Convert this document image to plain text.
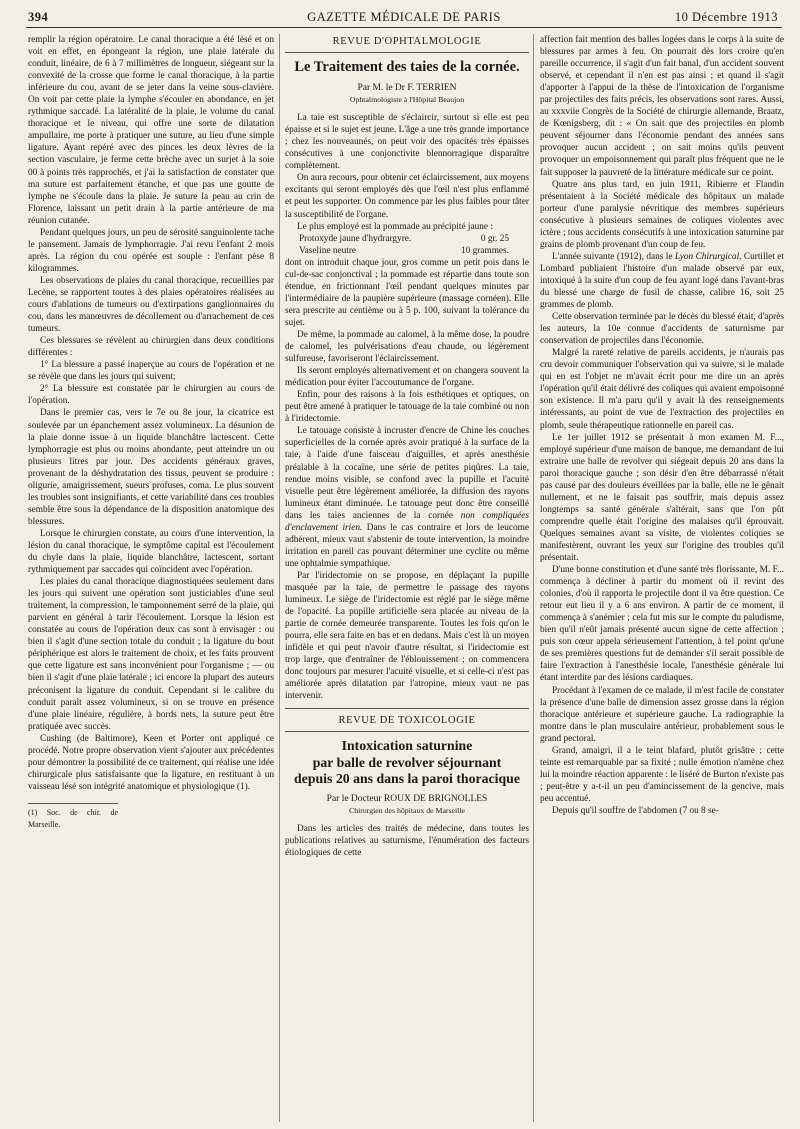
394	GAZETTE MÉDICALE DE PARIS	10 Décembre 1913

remplir la région opératoire. Le canal thoracique a été lésé et on voit en effet, en épongeant la région, une plaie latérale du conduit, linéaire, de 6 à 7 millimètres de longueur, siégeant sur la convexité de la crosse que forme le canal thoracique, à la partie inférieure du cou, avant de se jeter dans la veine sous-clavière. On voit par cette plaie la lymphe s'écouler en abondance, en jet rythmique saccadé. La latéralité de la plaie, le volume du canal thoracique et le niveau, qui offre une sorte de dilatation ampullaire, me porte à pratiquer une suture, au lieu d'une simple ligature. Ayant repéré avec des pinces les deux lèvres de la section vasculaire, je ferme cette brèche avec un surjet à la soie 00 à points très rapprochés, et j'ai la satisfaction de constater que ma suture est parfaitement étanche, et que pas une goutte de lymphe ne s'écoule dans la plaie. Je suture la peau au crin de Florence, laissant un petit drain à la partie antérieure de ma réunion cutanée.

Pendant quelques jours, un peu de sérosité sanguinolente tache le pansement. Jamais de lymphorragie. J'ai revu l'enfant 2 mois après. La région du cou opérée est souple : l'enfant pèse 8 kilogrammes.

Les observations de plaies du canal thoracique, recueillies par Lecène, se rapportent toutes à des plaies opératoires réalisées au cours d'ablations de tumeurs ou d'extirpations ganglionnaires du cou, dans les manœuvres de décollement ou d'arrachement de ces tumeurs.

Ces blessures se révèlent au chirurgien dans deux conditions différentes :

1° La blessure a passé inaperçue au cours de l'opération et ne se révèle que dans les jours qui suivent;

2° La blessure est constatée par le chirurgien au cours de l'opération.

Dans le premier cas, vers le 7e ou 8e jour, la cicatrice est soulevée par un épanchement assez volumineux. La désunion de la plaie donne issue à un liquide blanchâtre lactescent. Cette lymphorragie est plus ou moins abondante, peut atteindre un ou plusieurs litres par jour. Des accidents généraux graves, provenant de la déshydratation des tissus, peuvent se produire : oligurie, amaigrissement, sueurs profuses, coma. Le plus souvent les troubles sont insignifiants, et cette variabilité dans ces troubles semble être sous la dépendance de la disposition anatomique des blessures.

Lorsque le chirurgien constate, au cours d'une intervention, la lésion du canal thoracique, le symptôme capital est l'écoulement du chyle dans la plaie, liquide blanchâtre, lactescent, sortant rythmiquement par saccades qui coïncident avec l'opération.

Les plaies du canal thoracique diagnostiquées seulement dans les jours qui suivent une opération sont justiciables d'une seul traitement, la compression, le tamponnement serré de la plaie, qui parvient en général à tarir l'écoulement. Lorsque la lésion est constatée au cours de l'opération deux cas sont à envisager : ou bien il s'agit d'une section totale du conduit ; la ligature du bout périphérique est alors le traitement de choix, et les faits prouvent que cette ligature est sans inconvénient pour l'organisme ; — ou bien il s'agit d'une plaie latérale ; ici encore la plupart des auteurs préconisent la ligature du conduit. Cependant si le calibre du conduit paraît assez volumineux, si on se trouve en présence d'une plaie linéaire, régulière, à bords nets, la suture peut être pratiquée avec succès.

Cushing (de Baltimore), Keen et Porter ont appliqué ce procédé. Notre propre observation vient s'ajouter aux précédentes pour démontrer la possibilité de ce traitement, qui réalise une idée chirurgicale plus satisfaisante que la ligature, en restituant à un vaisseau lésé son intégrité anatomique et physiologique (1).

(1) Soc. de chir. de Marseille.
REVUE D'OPHTALMOLOGIE
Le Traitement des taies de la cornée.
Par M. le Dr F. TERRIEN
Ophtalmologiste à l'Hôpital Beaujon

La taie est susceptible de s'éclaircir, surtout si elle est peu épaisse et si le sujet est jeune. L'âge a une très grande importance ; chez les nouveaunés, on peut voir des opacités très épaisses consécutives à une conjonctivite blennorragique disparaître complètement.

On aura recours, pour obtenir cet éclaircissement, aux moyens excitants qui seront employés dès que l'œil n'est plus enflammé et peut les supporter. On commence par les plus faibles pour tâter la susceptibilité de l'organe.

Le plus employé est la pommade au précipité jaune :

Protoxyde jaune d'hydrargyre.	0 gr. 25
Vaseline neutre	10 grammes.

dont on introduit chaque jour, gros comme un petit pois dans le cul-de-sac conjonctival ; la pommade est répartie dans toute son étendue, en frictionnant l'œil pendant quelques minutes par l'intermédiaire de la paupière supérieure (massage cornéen). Elle sera prescrite au centième ou à 5 p. 100, suivant la tolérance du sujet.

De même, la pommade au calomel, à la même dose, la poudre de calomel, les pulvérisations d'eau chaude, ou légèrement sulfureuse, favoriseront l'éclaircissement.

Ils seront employés alternativement et on changera souvent la médication pour éviter l'accoutumance de l'organe.

Enfin, pour des raisons à la fois esthétiques et optiques, on peut être amené à pratiquer le tatouage de la taie combiné ou non à l'iridectomie.

Le tatouage consiste à incruster d'encre de Chine les couches superficielles de la cornée après avoir pratiqué à la surface de la taie, à l'aide d'une faisceau d'aiguilles, et après anesthésie préalable à la cocaïne, une série de petites piqûres. La taie, rendue moins visible, se confond avec la pupille et l'acuité visuelle peut être légèrement améliorée, la diffusion des rayons lumineux étant diminuée. Le tatouage peut donc être conseillé dans les taies anciennes de la cornée non compliquées d'enclavement irien. Dans le cas contraire et lors de leucome adhérent, mieux vaut s'abstenir de toute intervention, la moindre irritation en pareil cas pouvant déterminer une cyclite ou même une ophtalmie sympathique.

Par l'iridectomie on se propose, en déplaçant la pupille masquée par la taie, de permettre le passage des rayons lumineux. Le siège de l'iridectomie est réglé par le siège même de l'opacité. La pupille artificielle sera placée au niveau de la partie de cornée demeurée transparente. Toutes les fois qu'on le pourra, elle sera faite en bas et en dedans. Mais c'est là un moyen infidèle et qui peut n'avoir d'autre résultat, si l'iridectomie est trop large, que d'entraîner de l'éblouissement ; on commencera donc toujours par mesurer l'acuité visuelle, et si celle-ci n'est pas améliorée après dilatation par l'atropine, mieux vaut ne pas intervenir.

REVUE DE TOXICOLOGIE
Intoxication saturnine
par balle de revolver séjournant
depuis 20 ans dans la paroi thoracique
Par le Docteur ROUX DE BRIGNOLLES
Chirurgien des hôpitaux de Marseille

Dans les articles des traités de médecine, dans toutes les publications relatives au saturnisme, l'énumération des facteurs étiologiques de cette

affection fait mention des balles logées dans le corps à la suite de blessures par armes à feu. On pourrait dès lors croire qu'en pareille occurrence, il s'agit d'un fait banal, d'un accident souvent observé, et cependant il n'en est pas ainsi ; et quand il s'agit d'apporter à l'appui de la thèse de l'intoxication de l'organisme par projectiles des faits précis, les observations sont rares. Aussi, au xxxviie Congrès de la Société de chirurgie allemande, Braatz, de Kœnigsberg, dit : « On sait que des projectiles en plomb peuvent séjourner dans l'économie pendant des années sans provoquer aucun accident ; on sait moins qu'ils peuvent provoquer un empoisonnement qui paraît plus fréquent que ne le fait supposer la pauvreté de la littérature médicale sur ce point.

Quatre ans plus tard, en juin 1911, Ribierre et Flandin présentaient à la Société médicale des hôpitaux un malade porteur d'une paralysie névritique des membres supérieurs consécutive à plusieurs semaines de coliques violentes avec ictère ; tous accidents consécutifs à une intoxication saturnine par grains de plomb provenant d'un coup de feu.

L'année suivante (1912), dans le Lyon Chirurgical, Curtillet et Lombard publiaient l'histoire d'un malade observé par eux, intoxiqué à la suite d'un coup de feu ayant logé dans l'avant-bras du blessé une charge de fusil de chasse, calibre 16, soit 25 grammes de plomb.

Cette observation terminée par le décès du blessé était, d'après les auteurs, la 10e connue d'accidents de saturnisme par conservation de projectiles dans l'économie.

Malgré la rareté relative de pareils accidents, je n'aurais pas cru devoir communiquer l'observation qui va suivre, si le malade qui en est l'objet ne m'avait écrit pour me dire un an après l'opération qu'il était délivré des coliques qui avaient empoisonné son existence. Il m'a paru qu'il y avait là des renseignements intéressants, au point de vue de l'extraction des projectiles en plomb, seule thérapeutique rationnelle en pareil cas.

Le 1er juillet 1912 se présentait à mon examen M. F..., employé supérieur d'une maison de banque, me demandant de lui extraire une balle de revolver qui siégeait depuis 20 ans dans la paroi thoracique gauche ; son désir d'en être débarrassé n'était pas causé par des douleurs éveillées par la balle, elle ne le gênait nullement, et ne le faisait pas souffrir, mais depuis assez longtemps sa santé générale s'altérait, sans que l'on pût comprendre quelle était l'origine des malaises qu'il éprouvait. Quelques semaines avant sa visite, de violentes coliques se manifestèrent, ouvrant les yeux sur l'origine des troubles qu'il présentait.

D'une bonne constitution et d'une santé très florissante, M. F... commença à décliner à partir du moment où il revint des colonies, d'où il rapporta le projectile dont il va être question. Ce retour eut lieu il y a 6 ans environ. A partir de ce moment, il commença à s'anémier ; cela fut mis sur le compte du paludisme, bien qu'il n'eût jamais présenté aucun signe de cette affection ; puis son cœur appela sérieusement l'attention, à tel point qu'une de ses premières questions fut de demander s'il serait possible de faire l'extraction à l'anesthésie locale, l'anesthésie générale lui étant interdite par des lésions cardiaques.

Procédant à l'examen de ce malade, il m'est facile de constater la présence d'une balle de dimension assez grosse dans la région thoracique antérieure et supérieure gauche. La radiographie la montre dans le plan musculaire antérieur, probablement sous le grand pectoral.

Grand, amaigri, il a le teint blafard, plutôt grisâtre ; cette teinte est remarquable par sa fixité ; nulle émotion n'amène chez lui la moindre réaction apparente : le liséré de Burton n'existe pas ; peut-être y a-t-il un peu d'amincissement de la gencive, mais peu accentué.

Depuis qu'il souffre de l'abdomen (7 ou 8 se-
